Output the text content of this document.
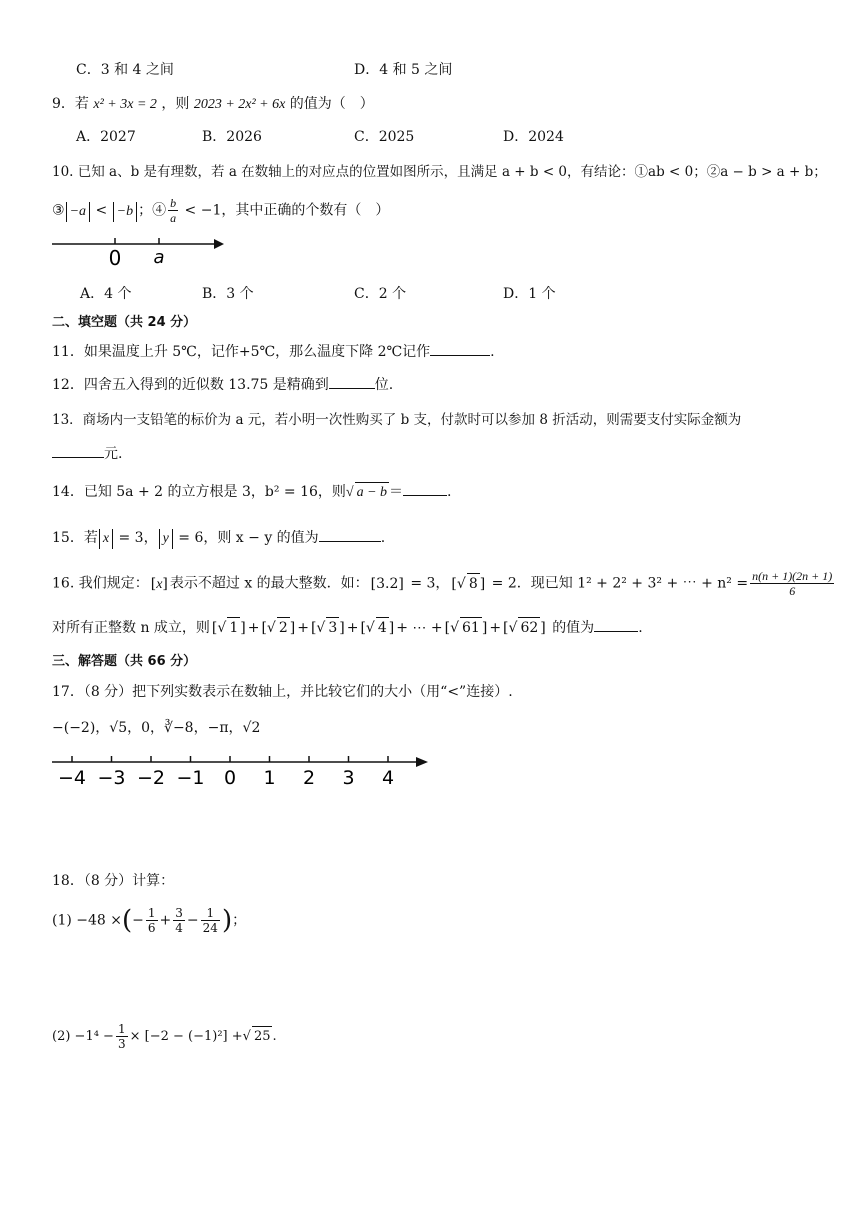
C．3 和 4 之间	D．4 和 5 之间
9．若 x² + 3x = 2 ，则 2023 + 2x² + 6x 的值为（　）
A．2027	B．2026	C．2025	D．2024
10. 已知 a、b 是有理数，若 a 在数轴上的对应点的位置如图所示，且满足 a + b < 0，有结论：①ab < 0；②a − b > a + b；
③ −a < −b ；④ $\frac{b}{a} < -1$，其中正确的个数有（　）
0 a
A．4 个	B．3 个	C．2 个	D．1 个
二、填空题（共 24 分）
11．如果温度上升 5℃，记作+5℃，那么温度下降 2℃记作	.
12．四舍五入得到的近似数 13.75 是精确到	位.
13．商场内一支铅笔的标价为 a 元，若小明一次性购买了 b 支，付款时可以参加 8 折活动，则需要支付实际金额为
元.
14．已知 5a + 2 的立方根是 3，b² = 16，则√ a − b ＝	.
15．若 x = 3， y = 6，则 x − y 的值为	.
16. 我们规定： [x] 表示不超过 x 的最大整数．如： [3.2] = 3， [√ 8 ] = 2．现已知 1² + 2² + 3² + ⋯ + $n^2 = \frac{n(n + 1)(2n + 1)}{6}$
对所有正整数 n 成立，则 [√ 1 ] + [√ 2 ] + [√ 3 ] + [√ 4 ] + ⋯ + [√ 61 ] + [√ 62 ] 的值为	.
三、解答题（共 66 分）
17．（8 分）把下列实数表示在数轴上，并比较它们的大小（用“<”连接）.
−(−2)，√5，0，∛−8，−π，√2
−4 −3 −2 −1 0 1 2 3 4
18．（8 分）计算：
(1) −48 ×(− $\frac{1}{6} + \frac{3}{4} - \frac{1}{24}$ )；
$(2) -1^4 - \frac{1}{3} \times [-2 - (-1)^2]$ +√ 25 .
